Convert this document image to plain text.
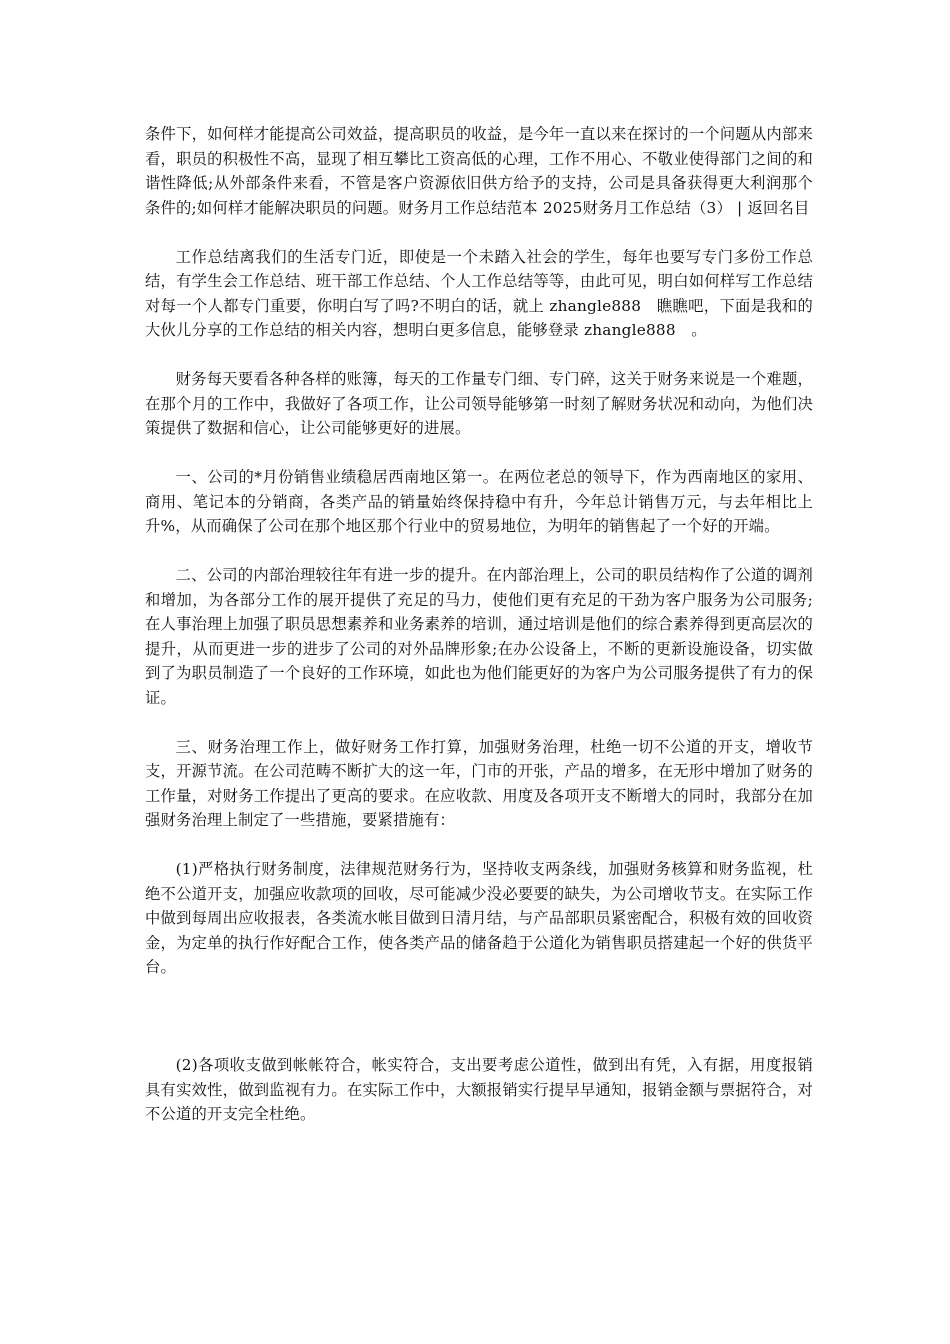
条件下，如何样才能提高公司效益，提高职员的收益，是今年一直以来在探讨的一个问题从内部来看，职员的积极性不高，显现了相互攀比工资高低的心理，工作不用心、不敬业使得部门之间的和谐性降低;从外部条件来看，不管是客户资源依旧供方给予的支持，公司是具备获得更大利润那个条件的;如何样才能解决职员的问题。财务月工作总结范本 2025财务月工作总结（3） | 返回名目

工作总结离我们的生活专门近，即使是一个未踏入社会的学生，每年也要写专门多份工作总结，有学生会工作总结、班干部工作总结、个人工作总结等等，由此可见，明白如何样写工作总结对每一个人都专门重要，你明白写了吗?不明白的话，就上 zhangle888　瞧瞧吧，下面是我和的大伙儿分享的工作总结的相关内容，想明白更多信息，能够登录 zhangle888　。

财务每天要看各种各样的账簿，每天的工作量专门细、专门碎，这关于财务来说是一个难题，在那个月的工作中，我做好了各项工作，让公司领导能够第一时刻了解财务状况和动向，为他们决策提供了数据和信心，让公司能够更好的进展。

一、公司的*月份销售业绩稳居西南地区第一。在两位老总的领导下，作为西南地区的家用、商用、笔记本的分销商，各类产品的销量始终保持稳中有升，今年总计销售万元，与去年相比上升%，从而确保了公司在那个地区那个行业中的贸易地位，为明年的销售起了一个好的开端。

二、公司的内部治理较往年有进一步的提升。在内部治理上，公司的职员结构作了公道的调剂和增加，为各部分工作的展开提供了充足的马力，使他们更有充足的干劲为客户服务为公司服务;在人事治理上加强了职员思想素养和业务素养的培训，通过培训是他们的综合素养得到更高层次的提升，从而更进一步的进步了公司的对外品牌形象;在办公设备上，不断的更新设施设备，切实做到了为职员制造了一个良好的工作环境，如此也为他们能更好的为客户为公司服务提供了有力的保证。

三、财务治理工作上，做好财务工作打算，加强财务治理，杜绝一切不公道的开支，增收节支，开源节流。在公司范畴不断扩大的这一年，门市的开张，产品的增多，在无形中增加了财务的工作量，对财务工作提出了更高的要求。在应收款、用度及各项开支不断增大的同时，我部分在加强财务治理上制定了一些措施，要紧措施有：

(1)严格执行财务制度，法律规范财务行为，坚持收支两条线，加强财务核算和财务监视，杜绝不公道开支，加强应收款项的回收，尽可能减少没必要要的缺失，为公司增收节支。在实际工作中做到每周出应收报表，各类流水帐目做到日清月结，与产品部职员紧密配合，积极有效的回收资金，为定单的执行作好配合工作，使各类产品的储备趋于公道化为销售职员搭建起一个好的供货平台。

(2)各项收支做到帐帐符合，帐实符合，支出要考虑公道性，做到出有凭，入有据，用度报销具有实效性，做到监视有力。在实际工作中，大额报销实行提早早通知，报销金额与票据符合，对不公道的开支完全杜绝。
